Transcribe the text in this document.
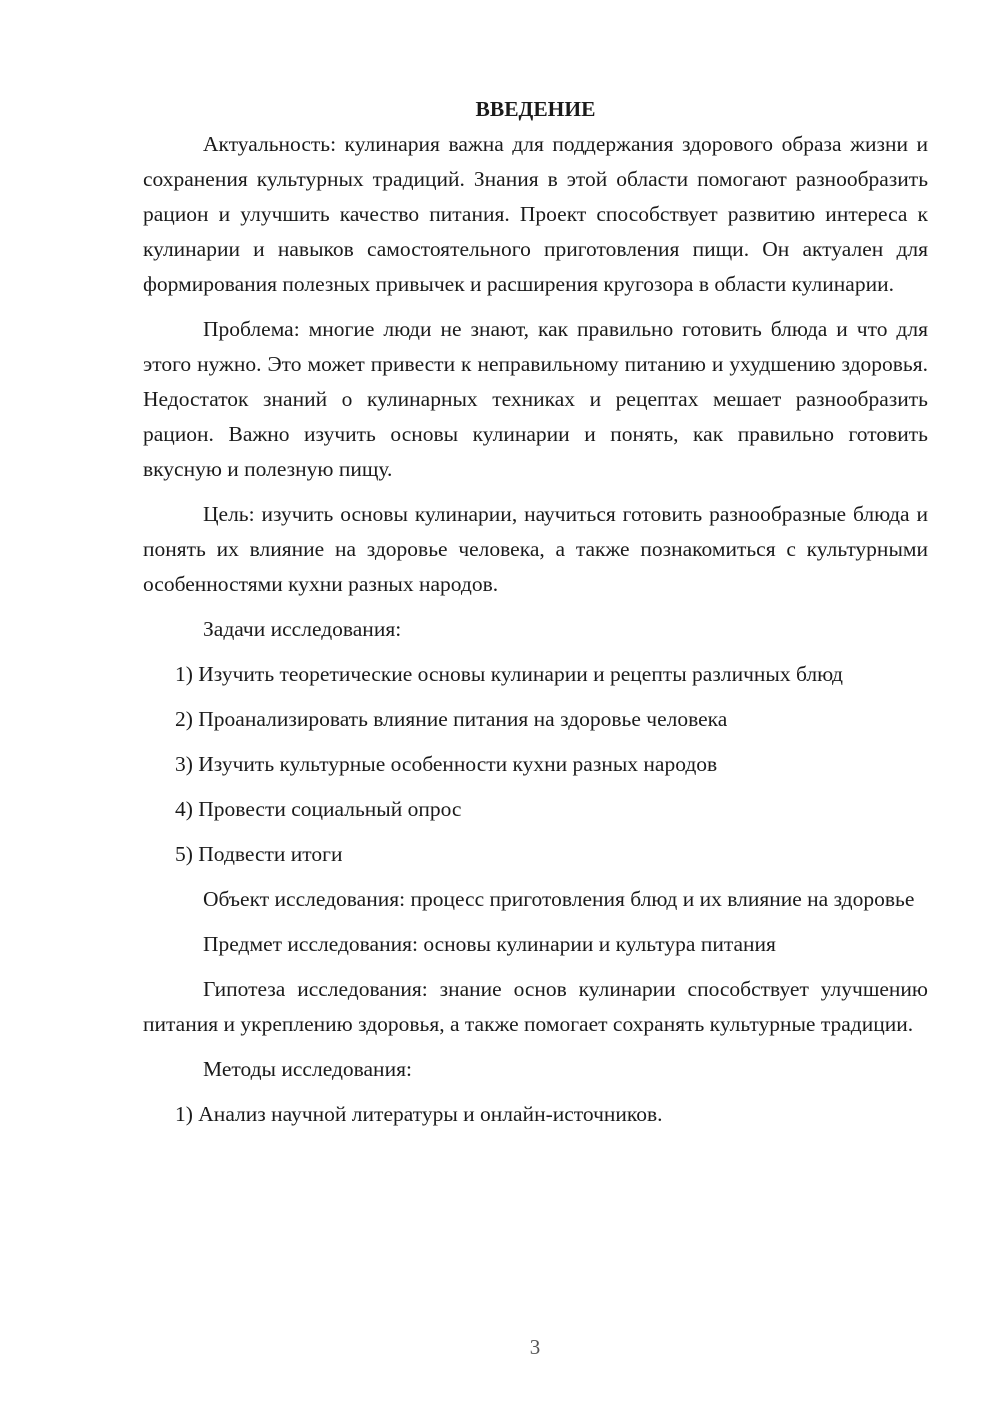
ВВЕДЕНИЕ

Актуальность: кулинария важна для поддержания здорового образа жизни и сохранения культурных традиций. Знания в этой области помогают разнообразить рацион и улучшить качество питания. Проект способствует развитию интереса к кулинарии и навыков самостоятельного приготовления пищи. Он актуален для формирования полезных привычек и расширения кругозора в области кулинарии.

Проблема: многие люди не знают, как правильно готовить блюда и что для этого нужно. Это может привести к неправильному питанию и ухудшению здоровья. Недостаток знаний о кулинарных техниках и рецептах мешает разнообразить рацион. Важно изучить основы кулинарии и понять, как правильно готовить вкусную и полезную пищу.

Цель: изучить основы кулинарии, научиться готовить разнообразные блюда и понять их влияние на здоровье человека, а также познакомиться с культурными особенностями кухни разных народов.

Задачи исследования:

1) Изучить теоретические основы кулинарии и рецепты различных блюд

2) Проанализировать влияние питания на здоровье человека

3) Изучить культурные особенности кухни разных народов

4) Провести социальный опрос

5) Подвести итоги

Объект исследования: процесс приготовления блюд и их влияние на здоровье

Предмет исследования: основы кулинарии и культура питания

Гипотеза исследования: знание основ кулинарии способствует улучшению питания и укреплению здоровья, а также помогает сохранять культурные традиции.

Методы исследования:

1) Анализ научной литературы и онлайн-источников.

3
